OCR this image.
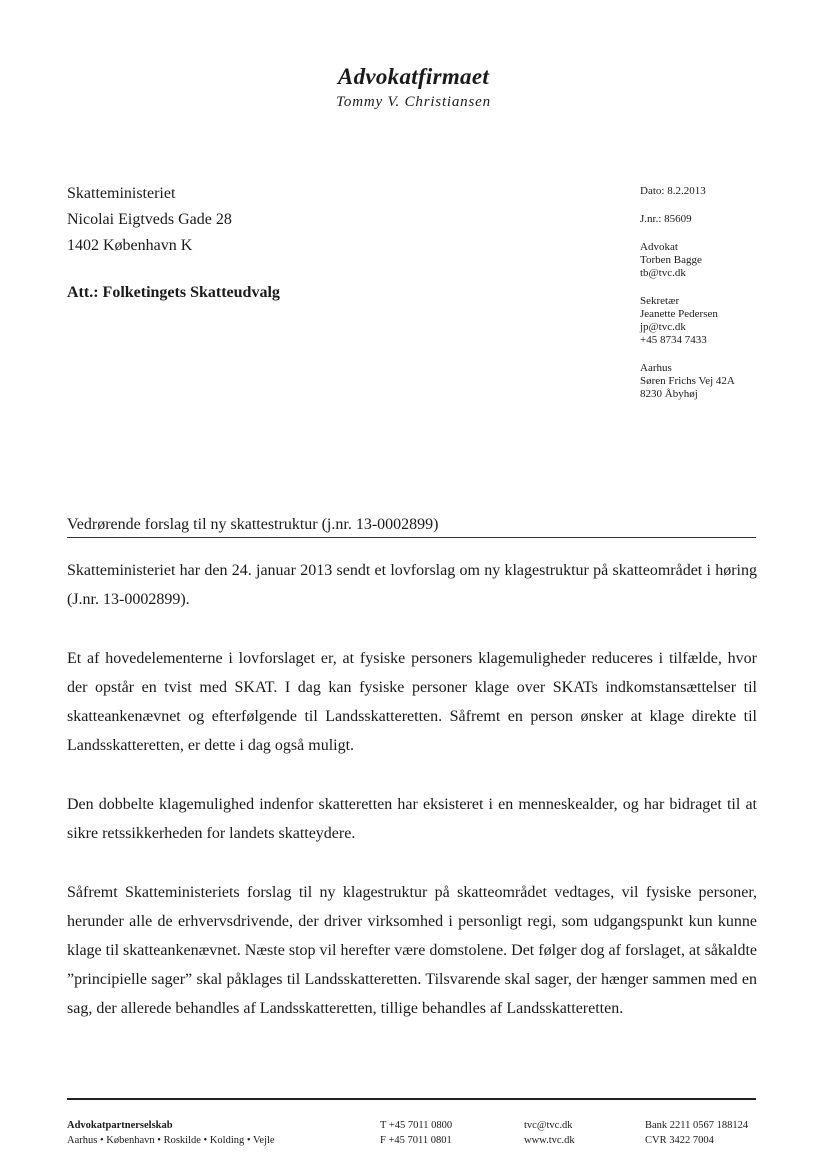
Advokatfirmaet
Tommy V. Christiansen
Skatteministeriet
Nicolai Eigtveds Gade 28
1402 København K
Att.: Folketingets Skatteudvalg
Dato: 8.2.2013
J.nr.: 85609
Advokat
Torben Bagge
tb@tvc.dk
Sekretær
Jeanette Pedersen
jp@tvc.dk
+45 8734 7433
Aarhus
Søren Frichs Vej 42A
8230 Åbyhøj
Vedrørende forslag til ny skattestruktur (j.nr. 13-0002899)

Skatteministeriet har den 24. januar 2013 sendt et lovforslag om ny klagestruktur på skatteområdet i høring (J.nr. 13-0002899).

Et af hovedelementerne i lovforslaget er, at fysiske personers klagemuligheder reduceres i tilfælde, hvor der opstår en tvist med SKAT. I dag kan fysiske personer klage over SKATs indkomstansættelser til skatteankenævnet og efterfølgende til Landsskatteretten. Såfremt en person ønsker at klage direkte til Landsskatteretten, er dette i dag også muligt.

Den dobbelte klagemulighed indenfor skatteretten har eksisteret i en menneskealder, og har bidraget til at sikre retssikkerheden for landets skatteydere.

Såfremt Skatteministeriets forslag til ny klagestruktur på skatteområdet vedtages, vil fysiske personer, herunder alle de erhvervsdrivende, der driver virksomhed i personligt regi, som udgangspunkt kun kunne klage til skatteankenævnet. Næste stop vil herefter være domstolene. Det følger dog af forslaget, at såkaldte ”principielle sager” skal påklages til Landsskatteretten. Tilsvarende skal sager, der hænger sammen med en sag, der allerede behandles af Landsskatteretten, tillige behandles af Landsskatteretten.

Advokatpartnerselskab
Aarhus • København • Roskilde • Kolding • Vejle
T +45 7011 0800
F +45 7011 0801
tvc@tvc.dk
www.tvc.dk
Bank 2211 0567 188124
CVR 3422 7004
